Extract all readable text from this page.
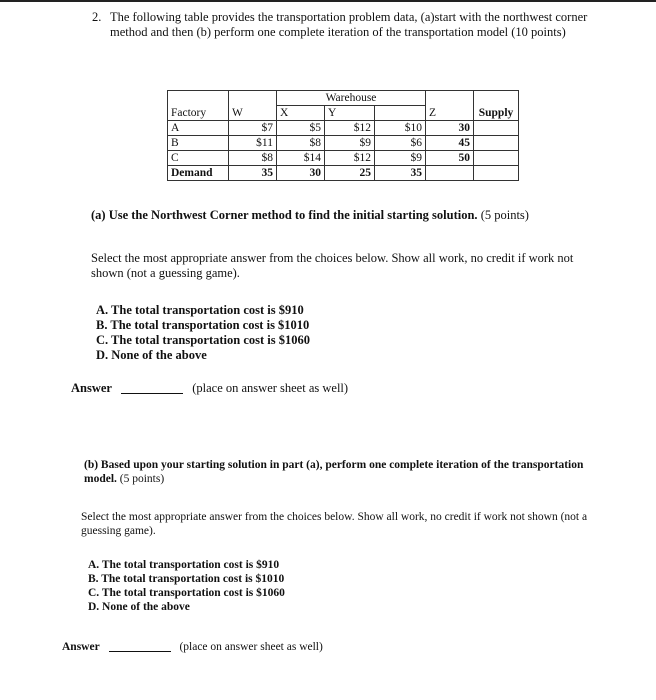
2. The following table provides the transportation problem data, (a)start with the northwest corner method and then (b) perform one complete iteration of the transportation model (10 points)
		Warehouse				
Factory	W	X	Y		Z	Supply
A	$7	$5	$12	$10	30	
B	$11	$8	$9	$6	45	
C	$8	$14	$12	$9	50	
Demand	35	30	25	35		
(a) Use the Northwest Corner method to find the initial starting solution. (5 points)
Select the most appropriate answer from the choices below. Show all work, no credit if work not shown (not a guessing game).
A. The total transportation cost is $910
B. The total transportation cost is $1010
C. The total transportation cost is $1060
D. None of the above
Answer	(place on answer sheet as well)
(b) Based upon your starting solution in part (a), perform one complete iteration of the transportation model. (5 points)
Select the most appropriate answer from the choices below. Show all work, no credit if work not shown (not a guessing game).
A. The total transportation cost is $910
B. The total transportation cost is $1010
C. The total transportation cost is $1060
D. None of the above
Answer	(place on answer sheet as well)
